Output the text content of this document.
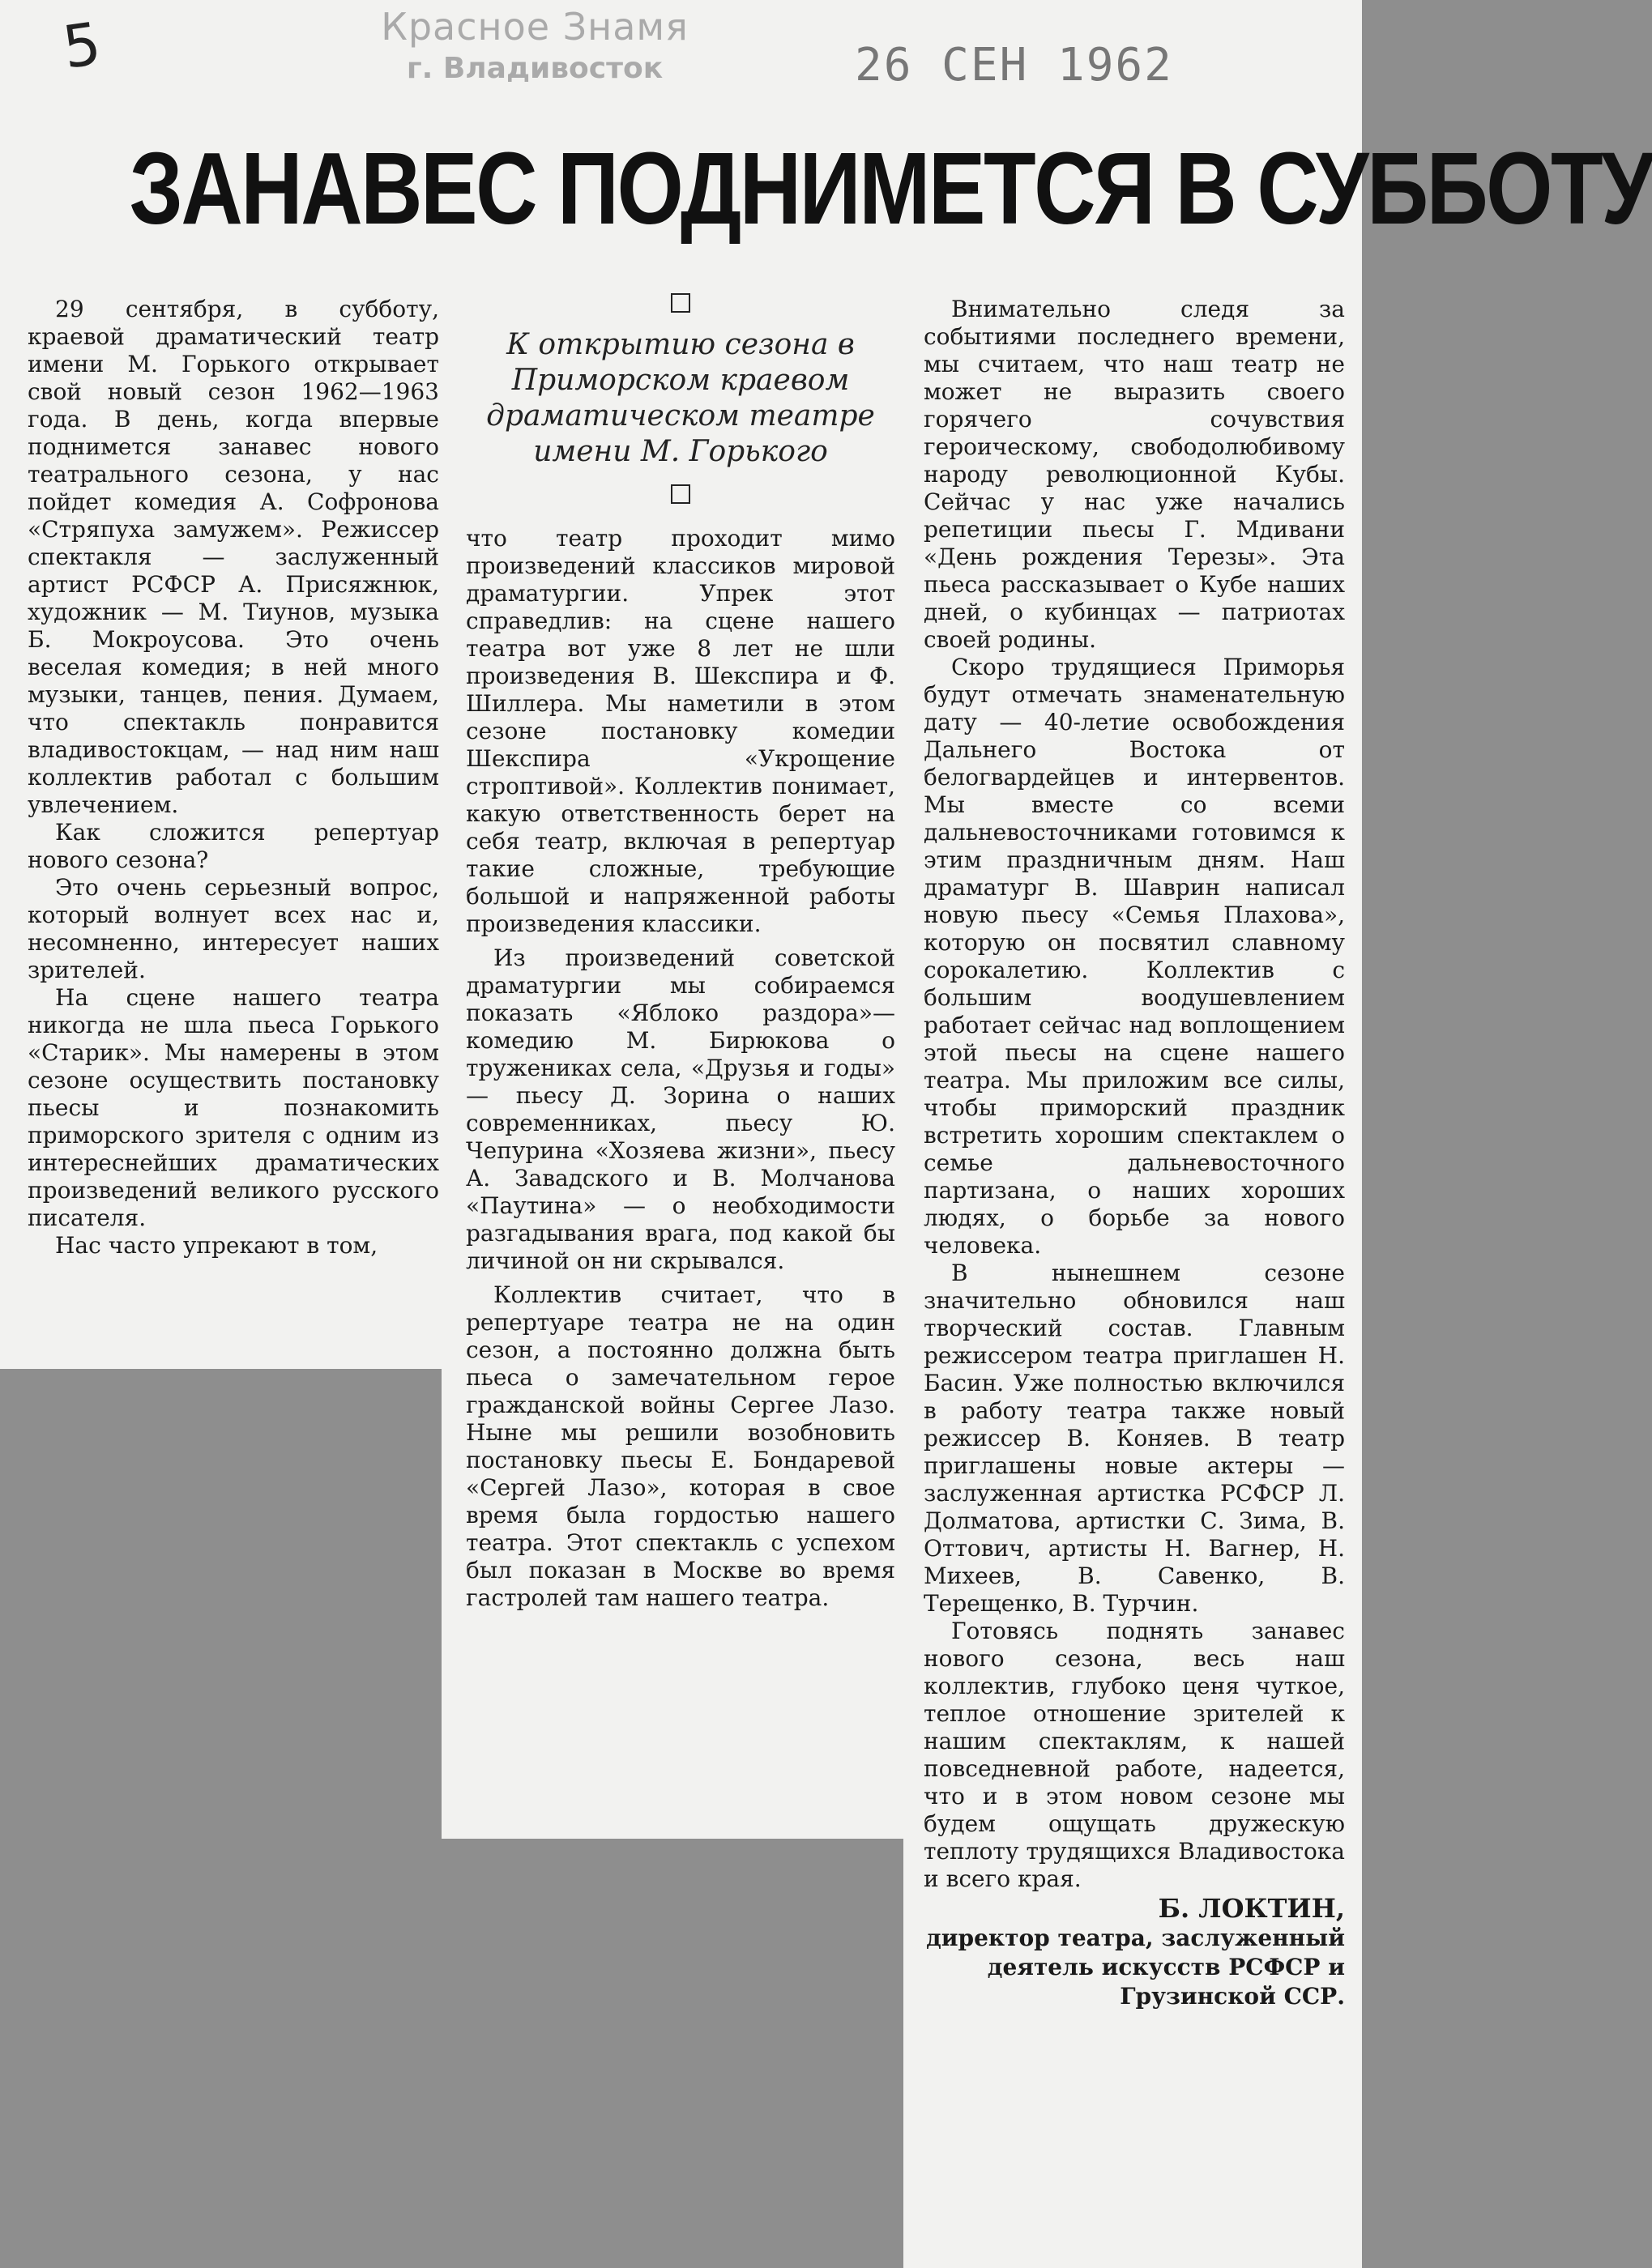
5	Красное Знамя
г. Владивосток	26 СЕН 1962
ЗАНАВЕС ПОДНИМЕТСЯ В СУББОТУ

29 сентября, в субботу, краевой драматический театр имени М. Горького открывает свой новый сезон 1962—1963 года. В день, когда впервые поднимется занавес нового театрального сезона, у нас пойдет комедия А. Софронова «Стряпуха замужем». Режиссер спектакля — заслуженный артист РСФСР А. Присяжнюк, художник — М. Тиунов, музыка Б. Мокроусова. Это очень веселая комедия; в ней много музыки, танцев, пения. Думаем, что спектакль понравится владивостокцам, — над ним наш коллектив работал с большим увлечением.

Как сложится репертуар нового сезона?

Это очень серьезный вопрос, который волнует всех нас и, несомненно, интересует наших зрителей.

На сцене нашего театра никогда не шла пьеса Горького «Старик». Мы намерены в этом сезоне осуществить постановку пьесы и познакомить приморского зрителя с одним из интереснейших драматических произведений великого русского писателя.

Нас часто упрекают в том,

К открытию сезона в Приморском краевом драматическом театре имени М. Горького

что театр проходит мимо произведений классиков мировой драматургии. Упрек этот справедлив: на сцене нашего театра вот уже 8 лет не шли произведения В. Шекспира и Ф. Шиллера. Мы наметили в этом сезоне постановку комедии Шекспира «Укрощение строптивой». Коллектив понимает, какую ответственность берет на себя театр, включая в репертуар такие сложные, требующие большой и напряженной работы произведения классики.

Из произведений советской драматургии мы собираемся показать «Яблоко раздора»— комедию М. Бирюкова о тружениках села, «Друзья и годы» — пьесу Д. Зорина о наших современниках, пьесу Ю. Чепурина «Хозяева жизни», пьесу А. Завадского и В. Молчанова «Паутина» — о необходимости разгадывания врага, под какой бы личиной он ни скрывался.

Коллектив считает, что в репертуаре театра не на один сезон, а постоянно должна быть пьеса о замечательном герое гражданской войны Сергее Лазо. Ныне мы решили возобновить постановку пьесы Е. Бондаревой «Сергей Лазо», которая в свое время была гордостью нашего театра. Этот спектакль с успехом был показан в Москве во время гастролей там нашего театра.

Внимательно следя за событиями последнего времени, мы считаем, что наш театр не может не выразить своего горячего сочувствия героическому, свободолюбивому народу революционной Кубы. Сейчас у нас уже начались репетиции пьесы Г. Мдивани «День рождения Терезы». Эта пьеса рассказывает о Кубе наших дней, о кубинцах — патриотах своей родины.

Скоро трудящиеся Приморья будут отмечать знаменательную дату — 40-летие освобождения Дальнего Востока от белогвардейцев и интервентов. Мы вместе со всеми дальневосточниками готовимся к этим праздничным дням. Наш драматург В. Шаврин написал новую пьесу «Семья Плахова», которую он посвятил славному сорокалетию. Коллектив с большим воодушевлением работает сейчас над воплощением этой пьесы на сцене нашего театра. Мы приложим все силы, чтобы приморский праздник встретить хорошим спектаклем о семье дальневосточного партизана, о наших хороших людях, о борьбе за нового человека.

В нынешнем сезоне значительно обновился наш творческий состав. Главным режиссером театра приглашен Н. Басин. Уже полностью включился в работу театра также новый режиссер В. Коняев. В театр приглашены новые актеры — заслуженная артистка РСФСР Л. Долматова, артистки С. Зима, В. Оттович, артисты Н. Вагнер, Н. Михеев, В. Савенко, В. Терещенко, В. Турчин.

Готовясь поднять занавес нового сезона, весь наш коллектив, глубоко ценя чуткое, теплое отношение зрителей к нашим спектаклям, к нашей повседневной работе, надеется, что и в этом новом сезоне мы будем ощущать дружескую теплоту трудящихся Владивостока и всего края.

Б. ЛОКТИН,
директор театра, заслуженный деятель искусств РСФСР и Грузинской ССР.
